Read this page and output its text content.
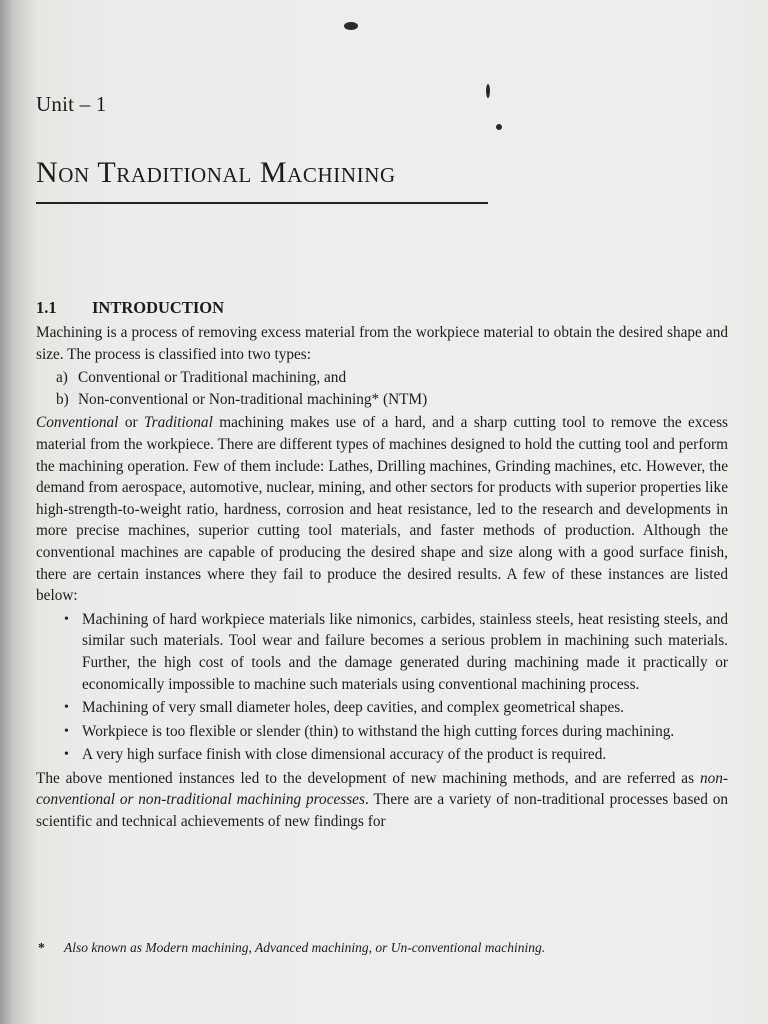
Unit – 1
Non Traditional Machining
1.1 INTRODUCTION

Machining is a process of removing excess material from the workpiece material to obtain the desired shape and size. The process is classified into two types:

a) Conventional or Traditional machining, and
b) Non-conventional or Non-traditional machining* (NTM)

Conventional or Traditional machining makes use of a hard, and a sharp cutting tool to remove the excess material from the workpiece. There are different types of machines designed to hold the cutting tool and perform the machining operation. Few of them include: Lathes, Drilling machines, Grinding machines, etc. However, the demand from aerospace, automotive, nuclear, mining, and other sectors for products with superior properties like high-strength-to-weight ratio, hardness, corrosion and heat resistance, led to the research and developments in more precise machines, superior cutting tool materials, and faster methods of production. Although the conventional machines are capable of producing the desired shape and size along with a good surface finish, there are certain instances where they fail to produce the desired results. A few of these instances are listed below:

• Machining of hard workpiece materials like nimonics, carbides, stainless steels, heat resisting steels, and similar such materials. Tool wear and failure becomes a serious problem in machining such materials. Further, the high cost of tools and the damage generated during machining made it practically or economically impossible to machine such materials using conventional machining process.
• Machining of very small diameter holes, deep cavities, and complex geometrical shapes.
• Workpiece is too flexible or slender (thin) to withstand the high cutting forces during machining.
• A very high surface finish with close dimensional accuracy of the product is required.

The above mentioned instances led to the development of new machining methods, and are referred as non-conventional or non-traditional machining processes. There are a variety of non-traditional processes based on scientific and technical achievements of new findings for

* Also known as Modern machining, Advanced machining, or Un-conventional machining.
